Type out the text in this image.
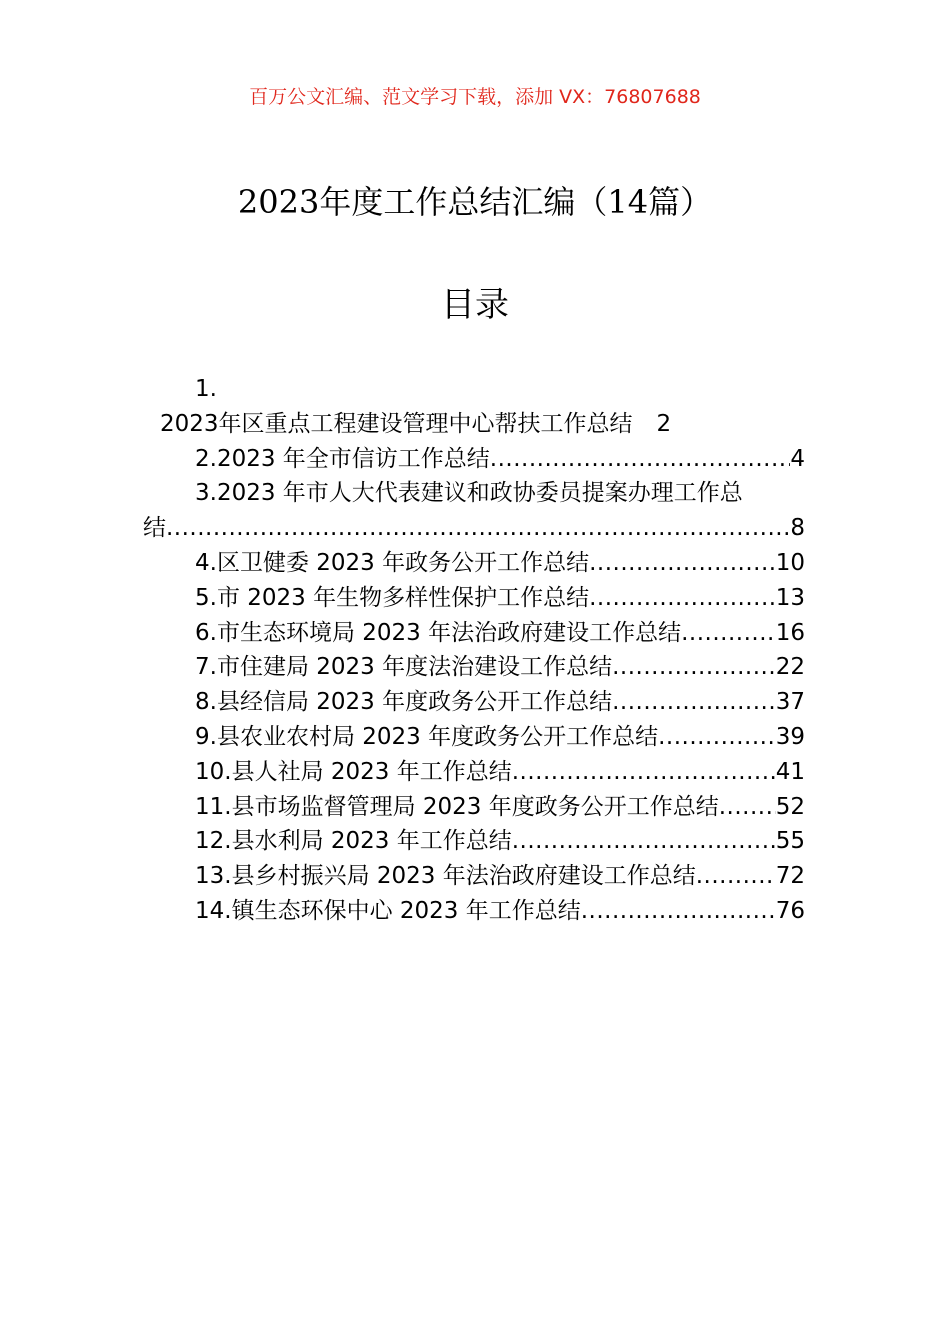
百万公文汇编、范文学习下载，添加 VX：76807688
2023年度工作总结汇编（14篇）
目录
1.
2023年区重点工程建设管理中心帮扶工作总结 2
2.2023 年全市信访工作总结 .....	4
3.2023 年市人大代表建议和政协委员提案办理工作总
结 .....	8
4.区卫健委 2023 年政务公开工作总结 .....	10
5.市 2023 年生物多样性保护工作总结 .....	13
6.市生态环境局 2023 年法治政府建设工作总结 .....	16
7.市住建局 2023 年度法治建设工作总结 .....	22
8.县经信局 2023 年度政务公开工作总结 .....	37
9.县农业农村局 2023 年度政务公开工作总结 .....	39
10.县人社局 2023 年工作总结 .....	41
11.县市场监督管理局 2023 年度政务公开工作总结 ..... 52
12.县水利局 2023 年工作总结 .....	55
13.县乡村振兴局 2023 年法治政府建设工作总结 .....	72
14.镇生态环保中心 2023 年工作总结 .....	76
